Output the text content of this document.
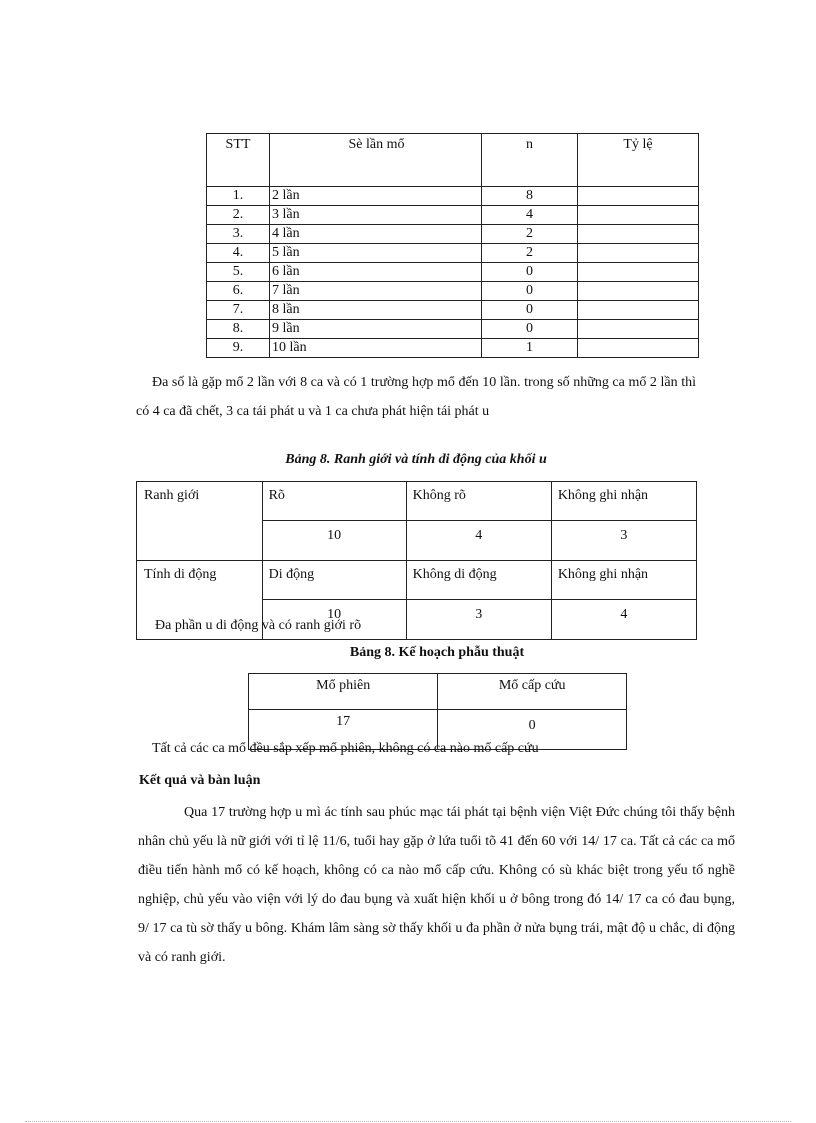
STT	Sè lần mổ	n	Tỷ lệ
1.	2 lần	8	
2.	3 lần	4	
3.	4 lần	2	
4.	5 lần	2	
5.	6 lần	0	
6.	7 lần	0	
7.	8 lần	0	
8.	9 lần	0	
9.	10 lần	1	
Đa số là gặp mổ 2 lần với 8 ca và có 1 trường hợp mổ đến 10 lần. trong số những ca mổ 2 lần thì có 4 ca đã chết, 3 ca tái phát u và 1 ca chưa phát hiện tái phát u
Bảng 8. Ranh giới và tính di động của khối u
Ranh giới	Rõ	Không rõ	Không ghi nhận
	10	4	3
Tính di động	Di động	Không di động	Không ghi nhận
	10	3	4
Đa phần u di động và có ranh giới rõ
Bảng 8. Kế hoạch phẫu thuật
Mổ phiên	Mổ cấp cứu
17	0
Tất cả các ca mổ đều sắp xếp mổ phiên, không có ca nào mổ cấp cứu
Kết quả và bàn luận
Qua 17 trường hợp u mì ác tính sau phúc mạc tái phát tại bệnh viện Việt Đức chúng tôi thấy bệnh nhân chủ yếu là nữ giới với tỉ lệ 11/6, tuổi hay gặp ở lứa tuổi tõ 41 đến 60 với 14/ 17 ca. Tất cả các ca mổ điều tiến hành mổ có kế hoạch, không có ca nào mổ cấp cứu. Không có sù khác biệt trong yếu tố nghề nghiệp, chủ yếu vào viện với lý do đau bụng và xuất hiện khối u ở bông trong đó 14/ 17 ca có đau bụng, 9/ 17 ca tù sờ thấy u bông. Khám lâm sàng sờ thấy khối u đa phần ở nửa bụng trái, mật độ u chắc, di động và có ranh giới.
